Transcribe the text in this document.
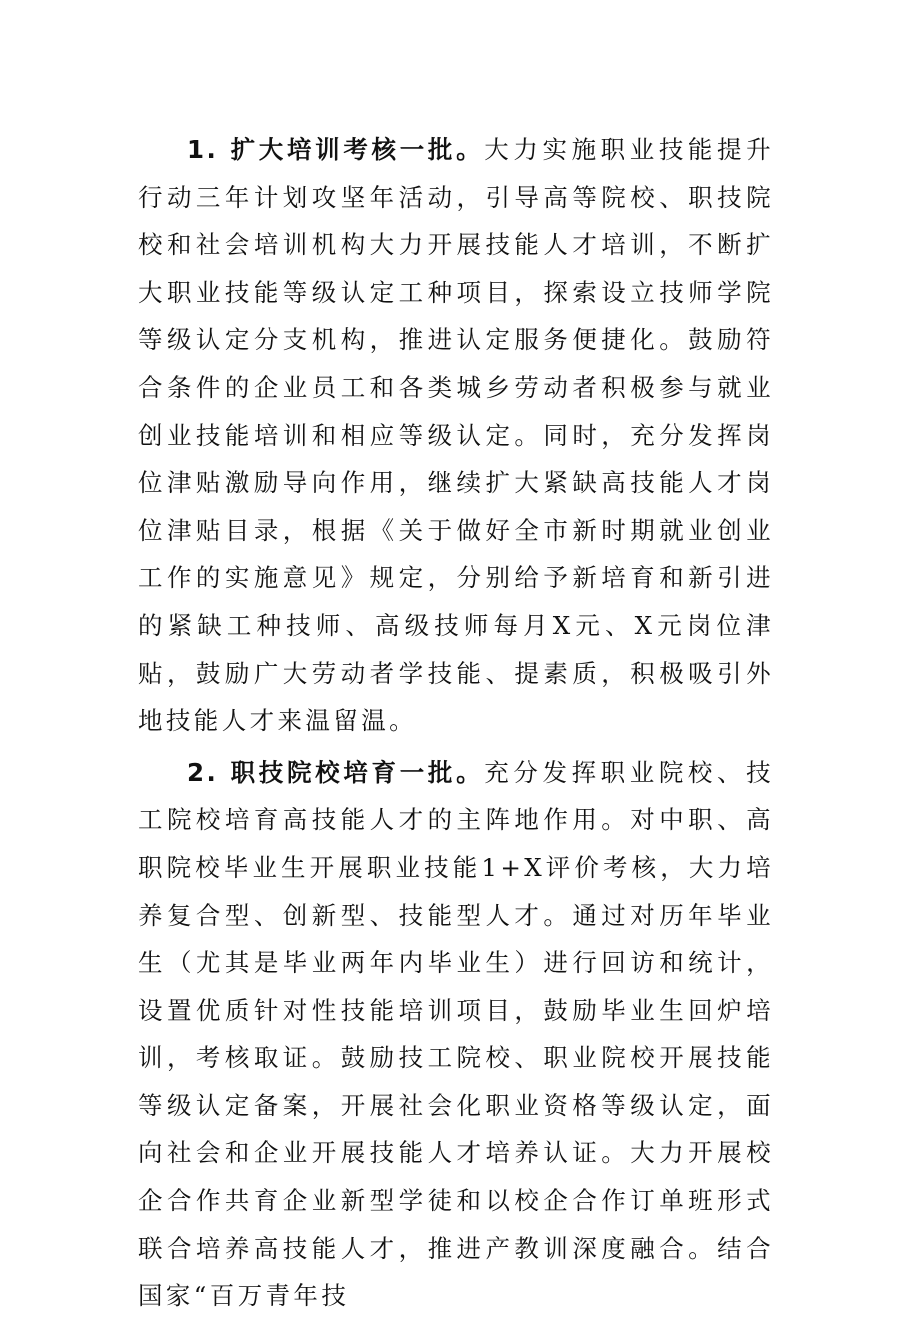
1. 扩大培训考核一批。大力实施职业技能提升行动三年计划攻坚年活动，引导高等院校、职技院校和社会培训机构大力开展技能人才培训，不断扩大职业技能等级认定工种项目，探索设立技师学院等级认定分支机构，推进认定服务便捷化。鼓励符合条件的企业员工和各类城乡劳动者积极参与就业创业技能培训和相应等级认定。同时，充分发挥岗位津贴激励导向作用，继续扩大紧缺高技能人才岗位津贴目录，根据《关于做好全市新时期就业创业工作的实施意见》规定，分别给予新培育和新引进的紧缺工种技师、高级技师每月X元、X元岗位津贴，鼓励广大劳动者学技能、提素质，积极吸引外地技能人才来温留温。

2. 职技院校培育一批。充分发挥职业院校、技工院校培育高技能人才的主阵地作用。对中职、高职院校毕业生开展职业技能1+X评价考核，大力培养复合型、创新型、技能型人才。通过对历年毕业生（尤其是毕业两年内毕业生）进行回访和统计，设置优质针对性技能培训项目，鼓励毕业生回炉培训，考核取证。鼓励技工院校、职业院校开展技能等级认定备案，开展社会化职业资格等级认定，面向社会和企业开展技能人才培养认证。大力开展校企合作共育企业新型学徒和以校企合作订单班形式联合培养高技能人才，推进产教训深度融合。结合国家“百万青年技
